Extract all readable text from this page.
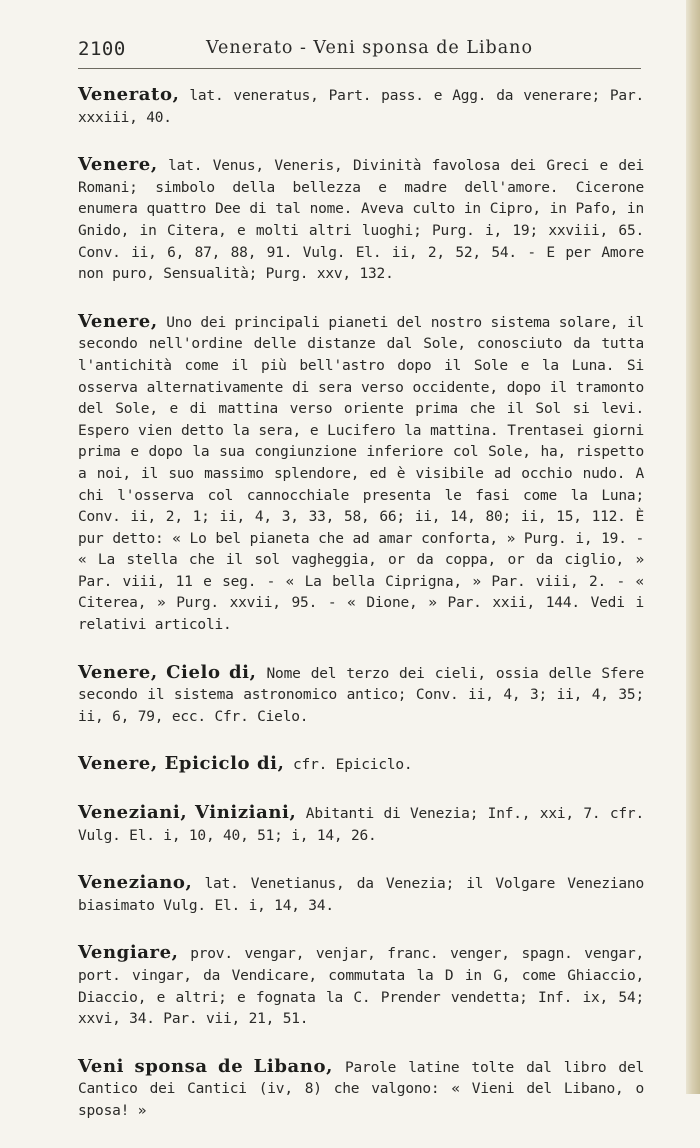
2100	Venerato - Veni sponsa de Libano

Venerato, lat. veneratus, Part. pass. e Agg. da venerare; Par. xxxiii, 40.

Venere, lat. Venus, Veneris, Divinità favolosa dei Greci e dei Romani; simbolo della bellezza e madre dell'amore. Cicerone enumera quattro Dee di tal nome. Aveva culto in Cipro, in Pafo, in Gnido, in Citera, e molti altri luoghi; Purg. i, 19; xxviii, 65. Conv. ii, 6, 87, 88, 91. Vulg. El. ii, 2, 52, 54. - E per Amore non puro, Sensualità; Purg. xxv, 132.

Venere, Uno dei principali pianeti del nostro sistema solare, il secondo nell'ordine delle distanze dal Sole, conosciuto da tutta l'antichità come il più bell'astro dopo il Sole e la Luna. Si osserva alternativamente di sera verso occidente, dopo il tramonto del Sole, e di mattina verso oriente prima che il Sol si levi. Espero vien detto la sera, e Lucifero la mattina. Trentasei giorni prima e dopo la sua congiunzione inferiore col Sole, ha, rispetto a noi, il suo massimo splendore, ed è visibile ad occhio nudo. A chi l'osserva col cannocchiale presenta le fasi come la Luna; Conv. ii, 2, 1; ii, 4, 3, 33, 58, 66; ii, 14, 80; ii, 15, 112. È pur detto: « Lo bel pianeta che ad amar conforta, » Purg. i, 19. - « La stella che il sol vagheggia, or da coppa, or da ciglio, » Par. viii, 11 e seg. - « La bella Ciprigna, » Par. viii, 2. - « Citerea, » Purg. xxvii, 95. - « Dione, » Par. xxii, 144. Vedi i relativi articoli.

Venere, Cielo di, Nome del terzo dei cieli, ossia delle Sfere secondo il sistema astronomico antico; Conv. ii, 4, 3; ii, 4, 35; ii, 6, 79, ecc. Cfr. Cielo.

Venere, Epiciclo di, cfr. Epiciclo.

Veneziani, Viniziani, Abitanti di Venezia; Inf., xxi, 7. cfr. Vulg. El. i, 10, 40, 51; i, 14, 26.

Veneziano, lat. Venetianus, da Venezia; il Volgare Veneziano biasimato Vulg. El. i, 14, 34.

Vengiare, prov. vengar, venjar, franc. venger, spagn. vengar, port. vingar, da Vendicare, commutata la D in G, come Ghiaccio, Diaccio, e altri; e fognata la C. Prender vendetta; Inf. ix, 54; xxvi, 34. Par. vii, 21, 51.

Veni sponsa de Libano, Parole latine tolte dal libro del Cantico dei Cantici (iv, 8) che valgono: « Vieni del Libano, o sposa! »
